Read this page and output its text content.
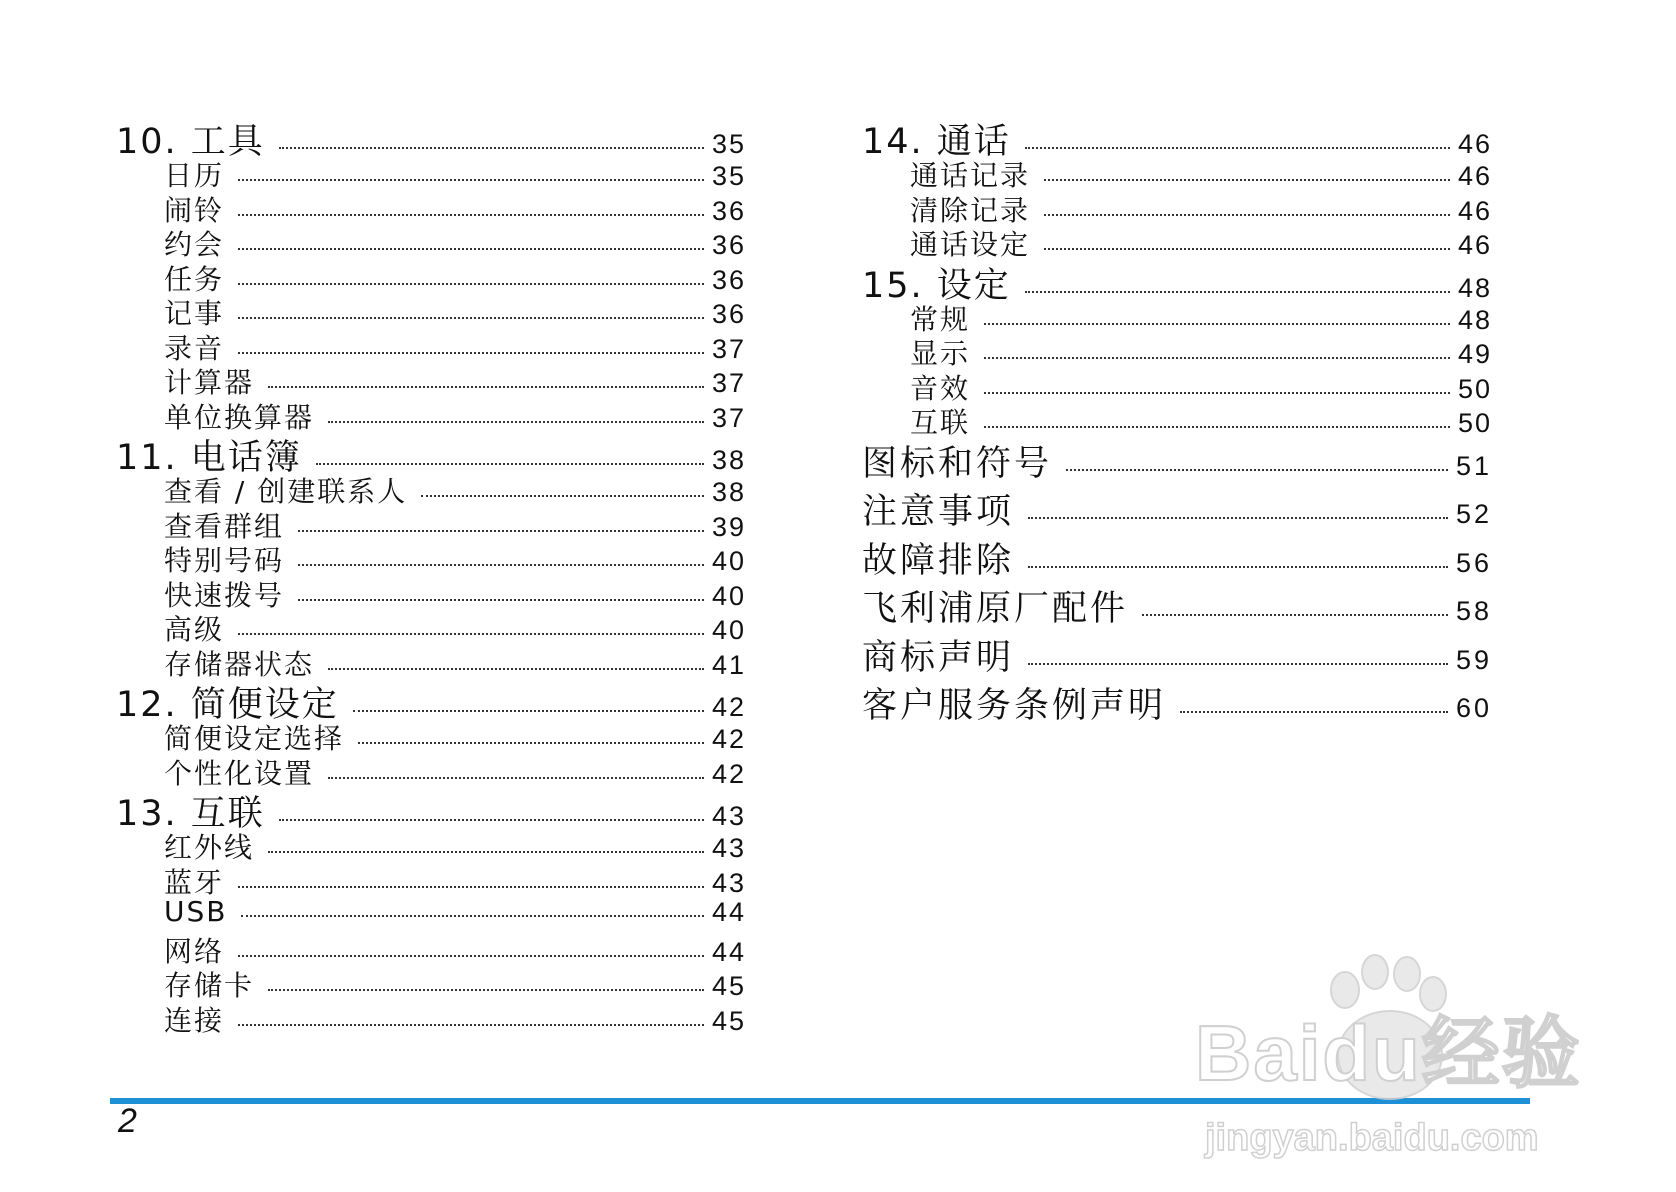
10. 工具	35
日历	35
闹铃	36
约会	36
任务	36
记事	36
录音	37
计算器	37
单位换算器	37
11. 电话簿	38
查看 / 创建联系人	38
查看群组	39
特别号码	40
快速拨号	40
高级	40
存储器状态	41
12. 简便设定	42
简便设定选择	42
个性化设置	42
13. 互联	43
红外线	43
蓝牙	43
USB	44
网络	44
存储卡	45
连接	45
14. 通话	46
通话记录	46
清除记录	46
通话设定	46
15. 设定	48
常规	48
显示	49
音效	50
互联	50
图标和符号	51
注意事项	52
故障排除	56
飞利浦原厂配件	58
商标声明	59
客户服务条例声明	60
2
Baidu经验
jingyan.baidu.com
